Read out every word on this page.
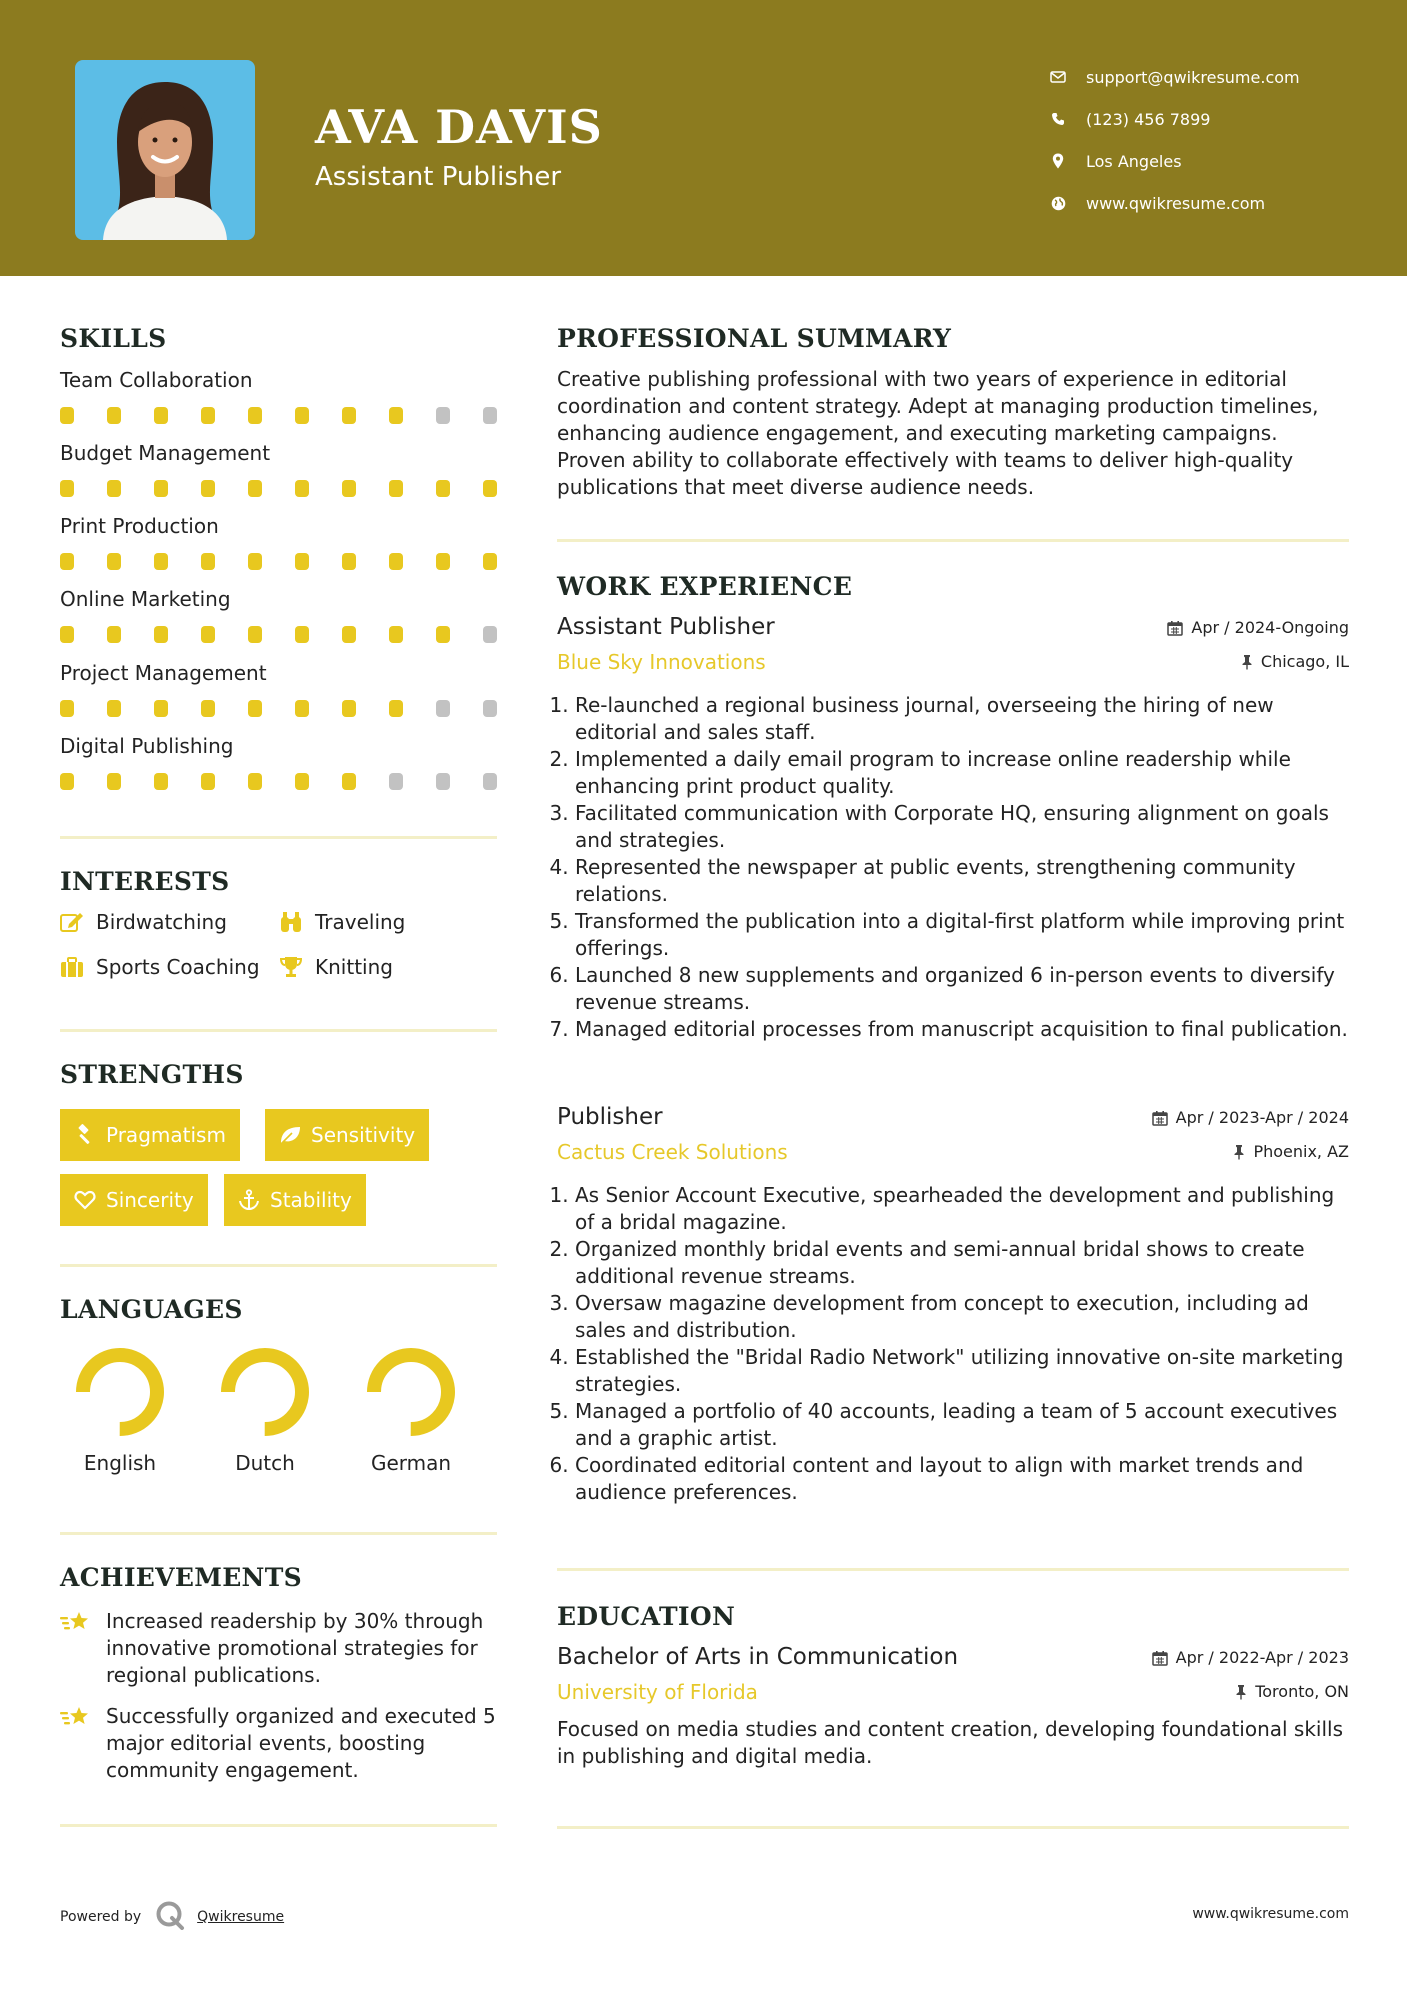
AVA DAVIS
Assistant Publisher
support@qwikresume.com
(123) 456 7899
Los Angeles
www.qwikresume.com
SKILLS
Team Collaboration
Budget Management
Print Production
Online Marketing
Project Management
Digital Publishing
INTERESTS
Birdwatching	Traveling
Sports Coaching	Knitting
STRENGTHS
Pragmatism	Sensitivity
Sincerity	Stability
LANGUAGES
English	Dutch	German
ACHIEVEMENTS
Increased readership by 30% through innovative promotional strategies for regional publications.
Successfully organized and executed 5 major editorial events, boosting community engagement.
PROFESSIONAL SUMMARY
Creative publishing professional with two years of experience in editorial coordination and content strategy. Adept at managing production timelines, enhancing audience engagement, and executing marketing campaigns. Proven ability to collaborate effectively with teams to deliver high-quality publications that meet diverse audience needs.
WORK EXPERIENCE
Assistant Publisher	Apr / 2024-Ongoing
Blue Sky Innovations	Chicago, IL
1. Re-launched a regional business journal, overseeing the hiring of new editorial and sales staff.
2. Implemented a daily email program to increase online readership while enhancing print product quality.
3. Facilitated communication with Corporate HQ, ensuring alignment on goals and strategies.
4. Represented the newspaper at public events, strengthening community relations.
5. Transformed the publication into a digital-first platform while improving print offerings.
6. Launched 8 new supplements and organized 6 in-person events to diversify revenue streams.
7. Managed editorial processes from manuscript acquisition to final publication.
Publisher	Apr / 2023-Apr / 2024
Cactus Creek Solutions	Phoenix, AZ
1. As Senior Account Executive, spearheaded the development and publishing of a bridal magazine.
2. Organized monthly bridal events and semi-annual bridal shows to create additional revenue streams.
3. Oversaw magazine development from concept to execution, including ad sales and distribution.
4. Established the "Bridal Radio Network" utilizing innovative on-site marketing strategies.
5. Managed a portfolio of 40 accounts, leading a team of 5 account executives and a graphic artist.
6. Coordinated editorial content and layout to align with market trends and audience preferences.
EDUCATION
Bachelor of Arts in Communication	Apr / 2022-Apr / 2023
University of Florida	Toronto, ON
Focused on media studies and content creation, developing foundational skills in publishing and digital media.
Powered by	Qwikresume	www.qwikresume.com
